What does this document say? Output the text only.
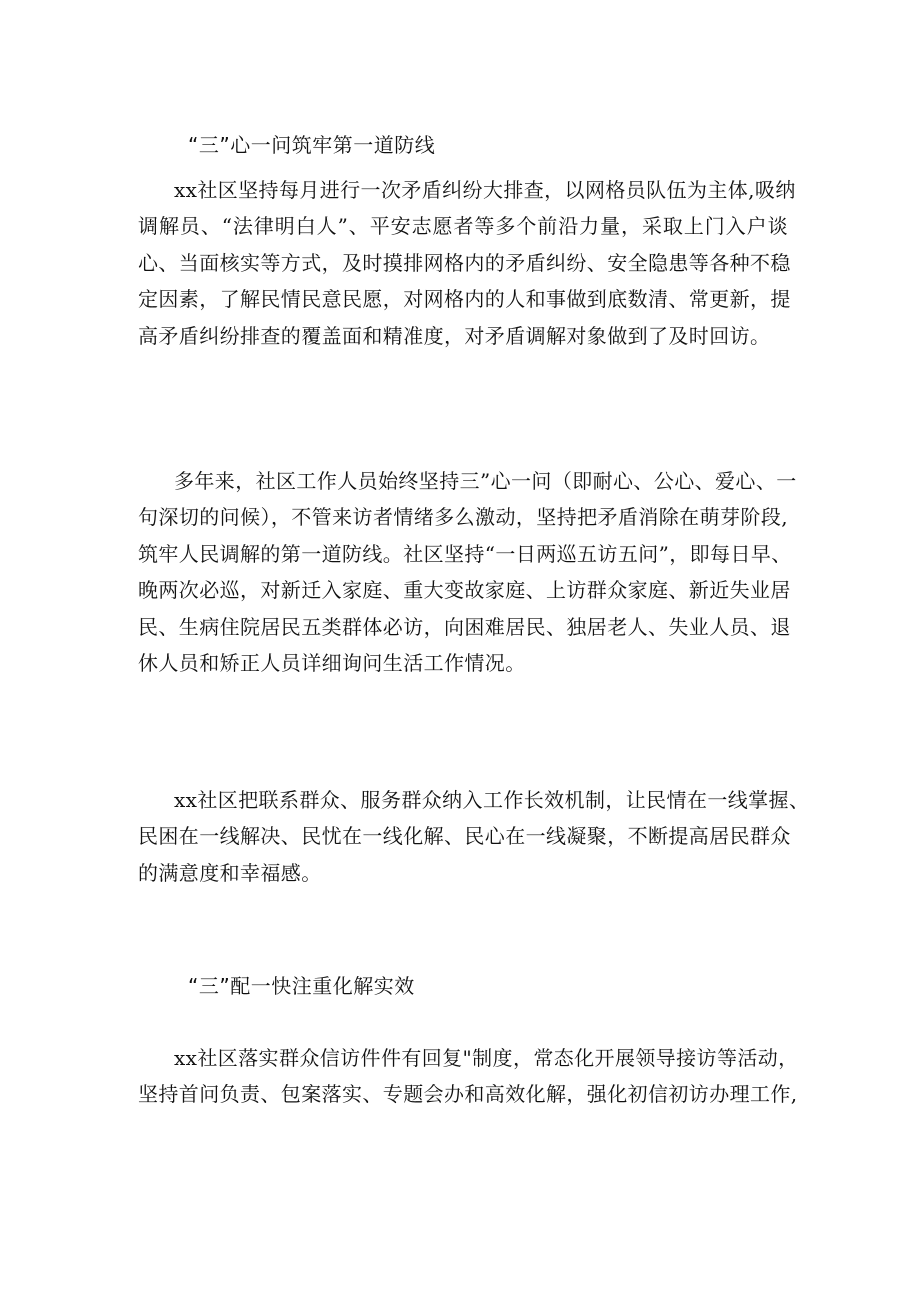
“三”心一问筑牢第一道防线
xx社区坚持每月进行一次矛盾纠纷大排查，以网格员队伍为主体,吸纳
调解员、“法律明白人”、平安志愿者等多个前沿力量，采取上门入户谈
心、当面核实等方式，及时摸排网格内的矛盾纠纷、安全隐患等各种不稳
定因素，了解民情民意民愿，对网格内的人和事做到底数清、常更新，提
高矛盾纠纷排查的覆盖面和精准度，对矛盾调解对象做到了及时回访。
多年来，社区工作人员始终坚持三”心一问（即耐心、公心、爱心、一
句深切的问候），不管来访者情绪多么激动，坚持把矛盾消除在萌芽阶段,
筑牢人民调解的第一道防线。社区坚持“一日两巡五访五问”，即每日早、
晚两次必巡，对新迁入家庭、重大变故家庭、上访群众家庭、新近失业居
民、生病住院居民五类群体必访，向困难居民、独居老人、失业人员、退
休人员和矫正人员详细询问生活工作情况。
xx社区把联系群众、服务群众纳入工作长效机制，让民情在一线掌握、
民困在一线解决、民忧在一线化解、民心在一线凝聚，不断提高居民群众
的满意度和幸福感。
“三”配一快注重化解实效
xx社区落实群众信访件件有回复"制度，常态化开展领导接访等活动，
坚持首问负责、包案落实、专题会办和高效化解，强化初信初访办理工作,
